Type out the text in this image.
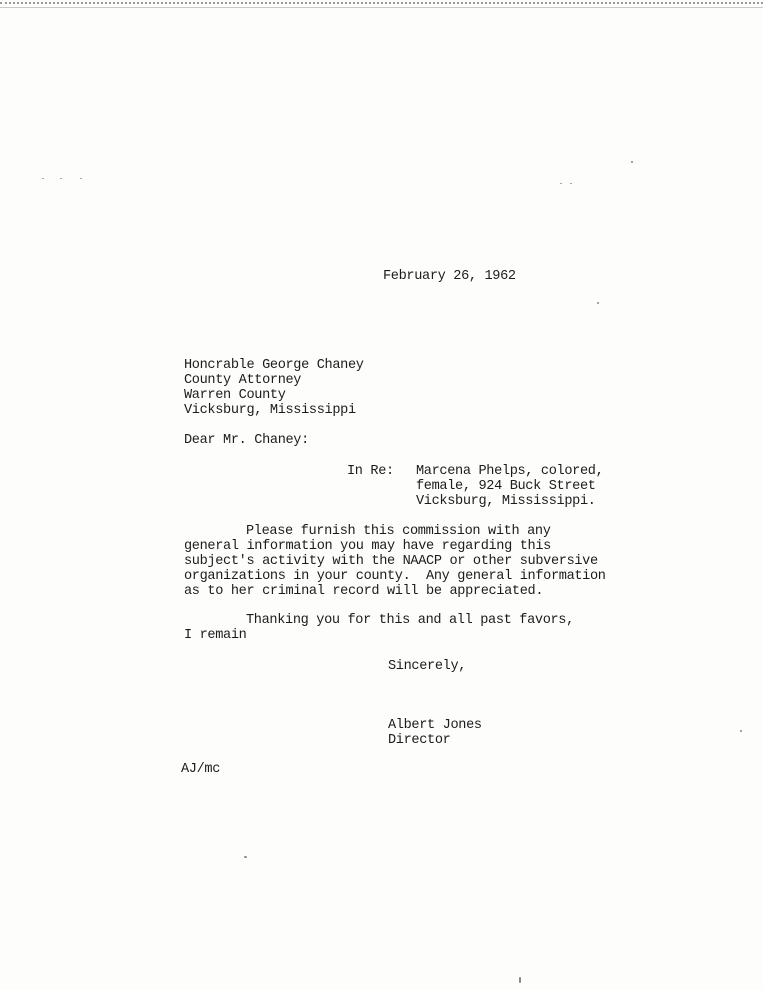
February 26, 1962
Honcrable George Chaney
County Attorney
Warren County
Vicksburg, Mississippi
Dear Mr. Chaney:
In Re: Marcena Phelps, colored,
female, 924 Buck Street
Vicksburg, Mississippi.
Please furnish this commission with any
general information you may have regarding this
subject's activity with the NAACP or other subversive
organizations in your county.  Any general information
as to her criminal record will be appreciated.
Thanking you for this and all past favors,
I remain
Sincerely,
Albert Jones
Director
AJ/mc
